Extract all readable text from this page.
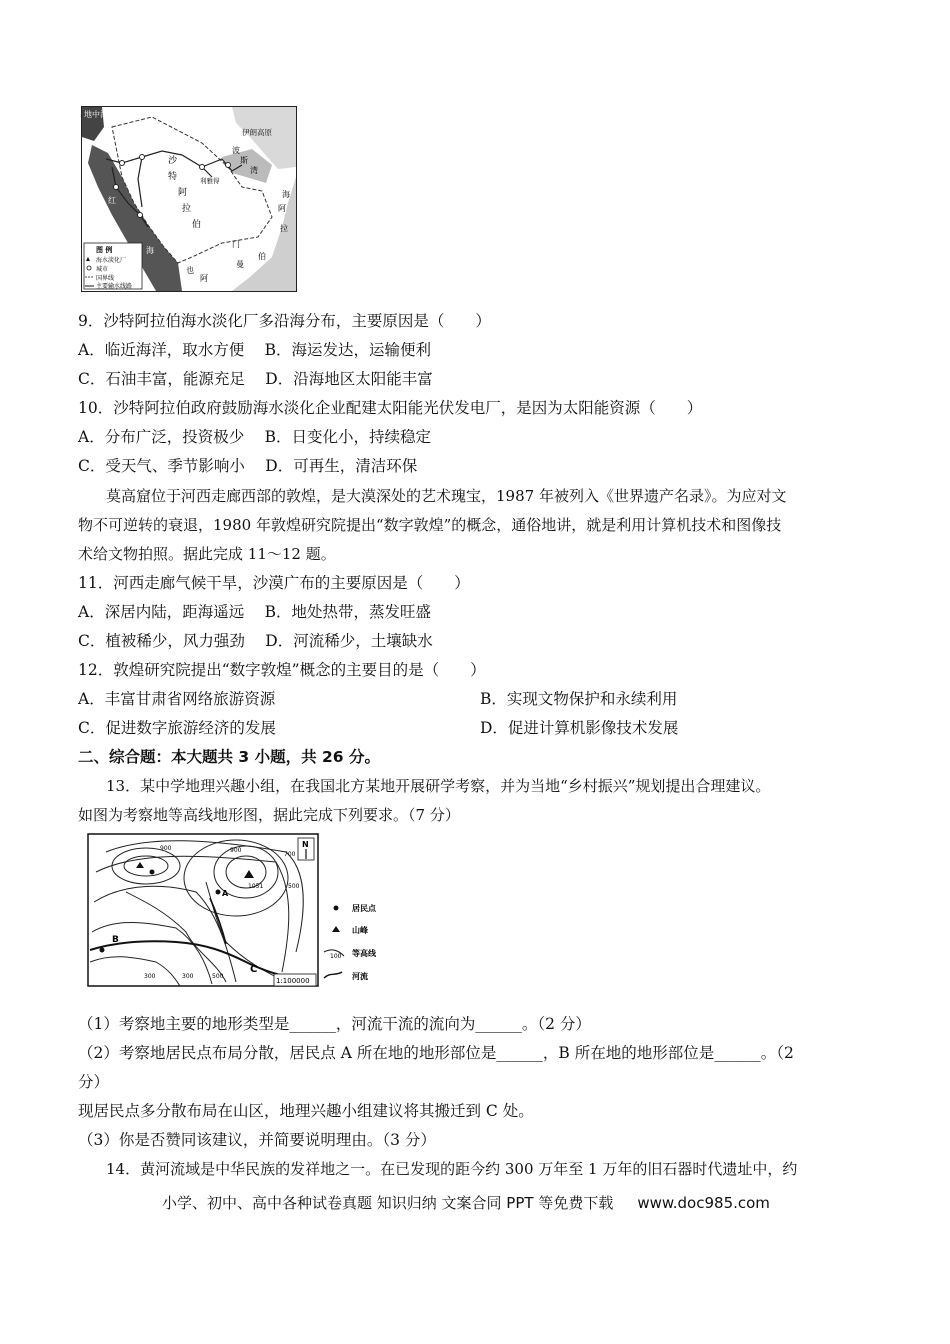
地中海
伊朗高原
波
斯
湾
利雅得
沙
特
阿
拉
伯
红
海
也
门
阿
曼
阿
拉
伯
海
图 例
海水淡化厂
城市
国界线
主要输水线路
9．沙特阿拉伯海水淡化厂多沿海分布，主要原因是（　　）
A．临近海洋，取水方便　 B．海运发达，运输便利
C．石油丰富，能源充足　 D．沿海地区太阳能丰富
10．沙特阿拉伯政府鼓励海水淡化企业配建太阳能光伏发电厂，是因为太阳能资源（　　）
A．分布广泛，投资极少　 B．日变化小，持续稳定
C．受天气、季节影响小　 D．可再生，清洁环保
莫高窟位于河西走廊西部的敦煌，是大漠深处的艺术瑰宝，1987 年被列入《世界遗产名录》。为应对文
物不可逆转的衰退，1980 年敦煌研究院提出“数字敦煌”的概念，通俗地讲，就是利用计算机技术和图像技
术给文物拍照。据此完成 11～12 题。
11．河西走廊气候干旱，沙漠广布的主要原因是（　　）
A．深居内陆，距海遥远　 B．地处热带，蒸发旺盛
C．植被稀少，风力强劲　 D．河流稀少，土壤缺水
12．敦煌研究院提出“数字敦煌”概念的主要目的是（　　）
A．丰富甘肃省网络旅游资源	B．实现文物保护和永续利用
C．促进数字旅游经济的发展	D．促进计算机影像技术发展
二、综合题：本大题共 3 小题，共 26 分。
13．某中学地理兴趣小组，在我国北方某地开展研学考察，并为当地“乡村振兴”规划提出合理建议。
如图为考察地等高线地形图，据此完成下列要求。（7 分）
900	900
1051
700
500
300	300	500
A
B
C
N
1:100000
居民点
山峰
100 等高线
河流
（1）考察地主要的地形类型是______，河流干流的流向为______。（2 分）
（2）考察地居民点布局分散，居民点 A 所在地的地形部位是______，B 所在地的地形部位是______。（2
分）
现居民点多分散布局在山区，地理兴趣小组建议将其搬迁到 C 处。
（3）你是否赞同该建议，并简要说明理由。（3 分）
14．黄河流域是中华民族的发祥地之一。在已发现的距今约 300 万年至 1 万年的旧石器时代遗址中，约
小学、初中、高中各种试卷真题 知识归纳 文案合同 PPT 等免费下载 www.doc985.com
